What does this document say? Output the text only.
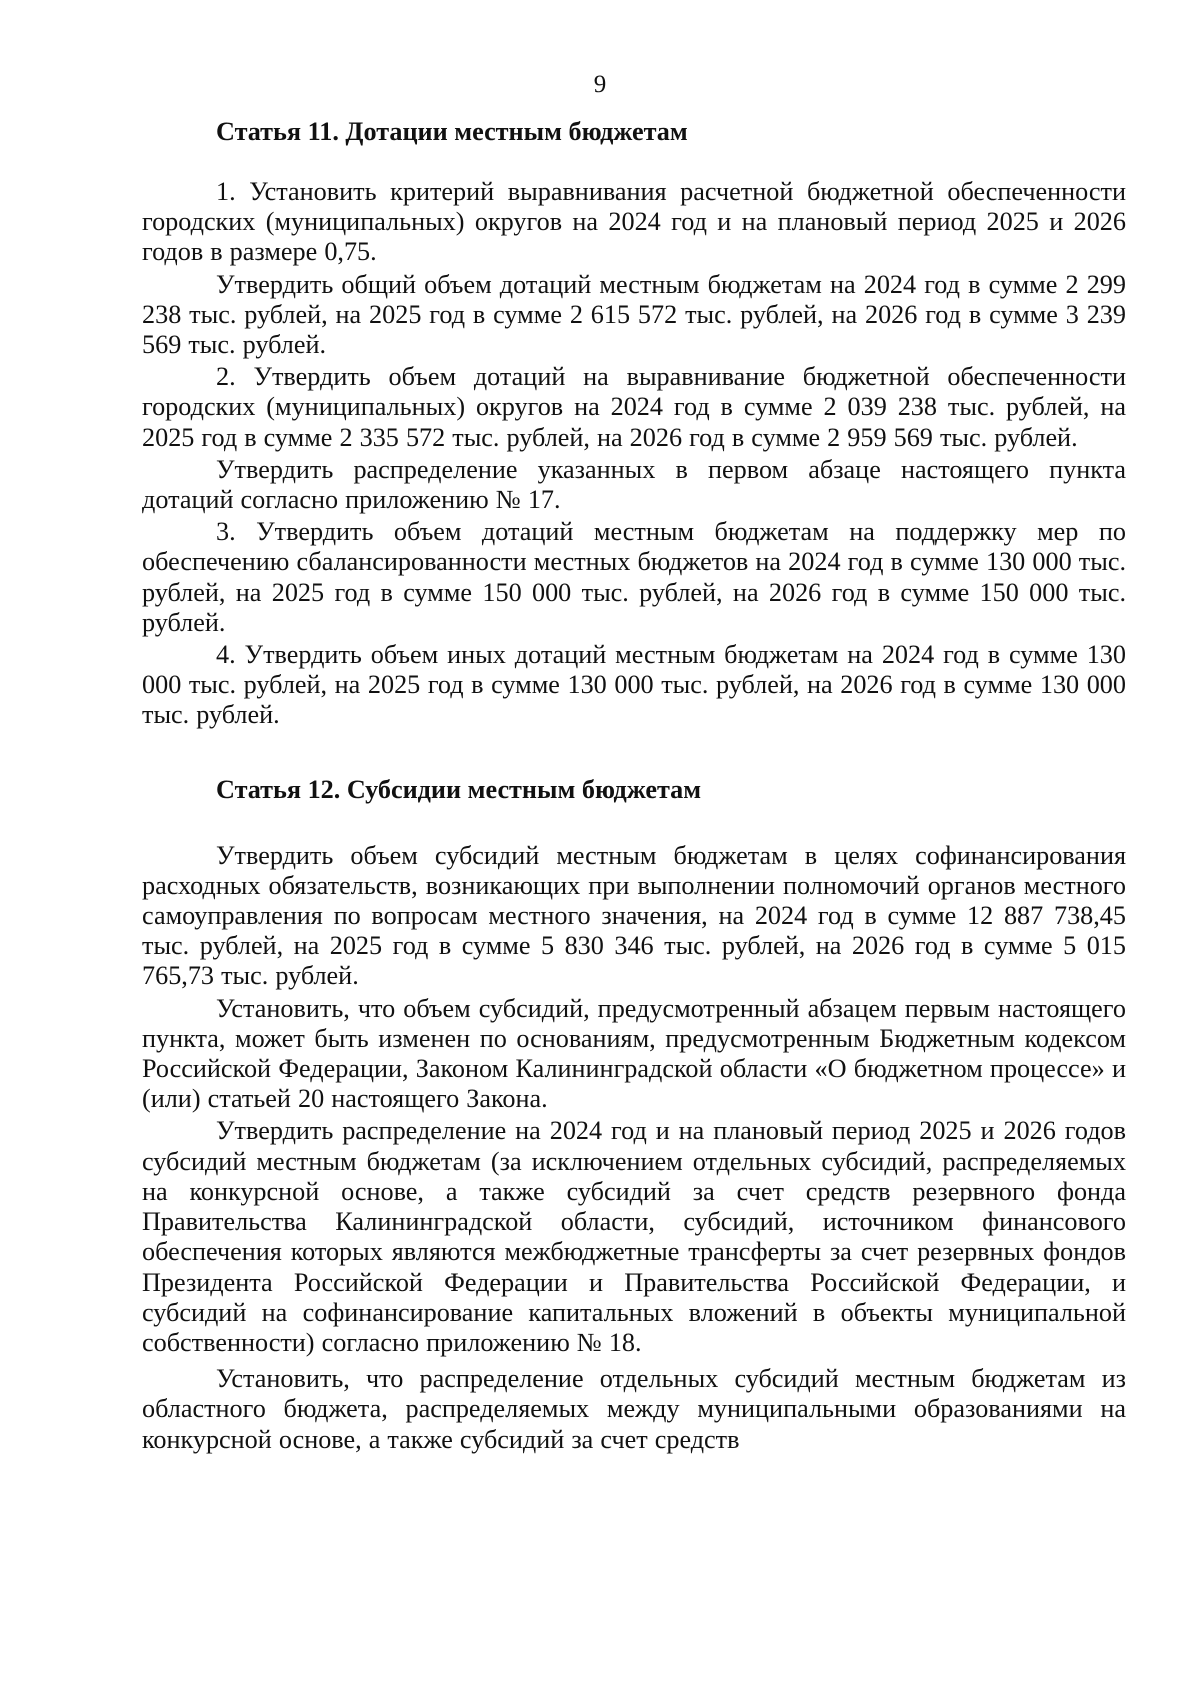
9

Статья 11. Дотации местным бюджетам

1. Установить критерий выравнивания расчетной бюджетной обеспеченности городских (муниципальных) округов на 2024 год и на плановый период 2025 и 2026 годов в размере 0,75.

Утвердить общий объем дотаций местным бюджетам на 2024 год в сумме 2 299 238 тыс. рублей, на 2025 год в сумме 2 615 572 тыс. рублей, на 2026 год в сумме 3 239 569 тыс. рублей.

2. Утвердить объем дотаций на выравнивание бюджетной обеспеченности городских (муниципальных) округов на 2024 год в сумме 2 039 238 тыс. рублей, на 2025 год в сумме 2 335 572 тыс. рублей, на 2026 год в сумме 2 959 569 тыс. рублей.

Утвердить распределение указанных в первом абзаце настоящего пункта дотаций согласно приложению № 17.

3. Утвердить объем дотаций местным бюджетам на поддержку мер по обеспечению сбалансированности местных бюджетов на 2024 год в сумме 130 000 тыс. рублей, на 2025 год в сумме 150 000 тыс. рублей, на 2026 год в сумме 150 000 тыс. рублей.

4. Утвердить объем иных дотаций местным бюджетам на 2024 год в сумме 130 000 тыс. рублей, на 2025 год в сумме 130 000 тыс. рублей, на 2026 год в сумме 130 000 тыс. рублей.

Статья 12. Субсидии местным бюджетам

Утвердить объем субсидий местным бюджетам в целях софинансирования расходных обязательств, возникающих при выполнении полномочий органов местного самоуправления по вопросам местного значения, на 2024 год в сумме 12 887 738,45 тыс. рублей, на 2025 год в сумме 5 830 346 тыс. рублей, на 2026 год в сумме 5 015 765,73 тыс. рублей.

Установить, что объем субсидий, предусмотренный абзацем первым настоящего пункта, может быть изменен по основаниям, предусмотренным Бюджетным кодексом Российской Федерации, Законом Калининградской области «О бюджетном процессе» и (или) статьей 20 настоящего Закона.

Утвердить распределение на 2024 год и на плановый период 2025 и 2026 годов субсидий местным бюджетам (за исключением отдельных субсидий, распределяемых на конкурсной основе, а также субсидий за счет средств резервного фонда Правительства Калининградской области, субсидий, источником финансового обеспечения которых являются межбюджетные трансферты за счет резервных фондов Президента Российской Федерации и Правительства Российской Федерации, и субсидий на софинансирование капитальных вложений в объекты муниципальной собственности) согласно приложению № 18.

Установить, что распределение отдельных субсидий местным бюджетам из областного бюджета, распределяемых между муниципальными образованиями на конкурсной основе, а также субсидий за счет средств
